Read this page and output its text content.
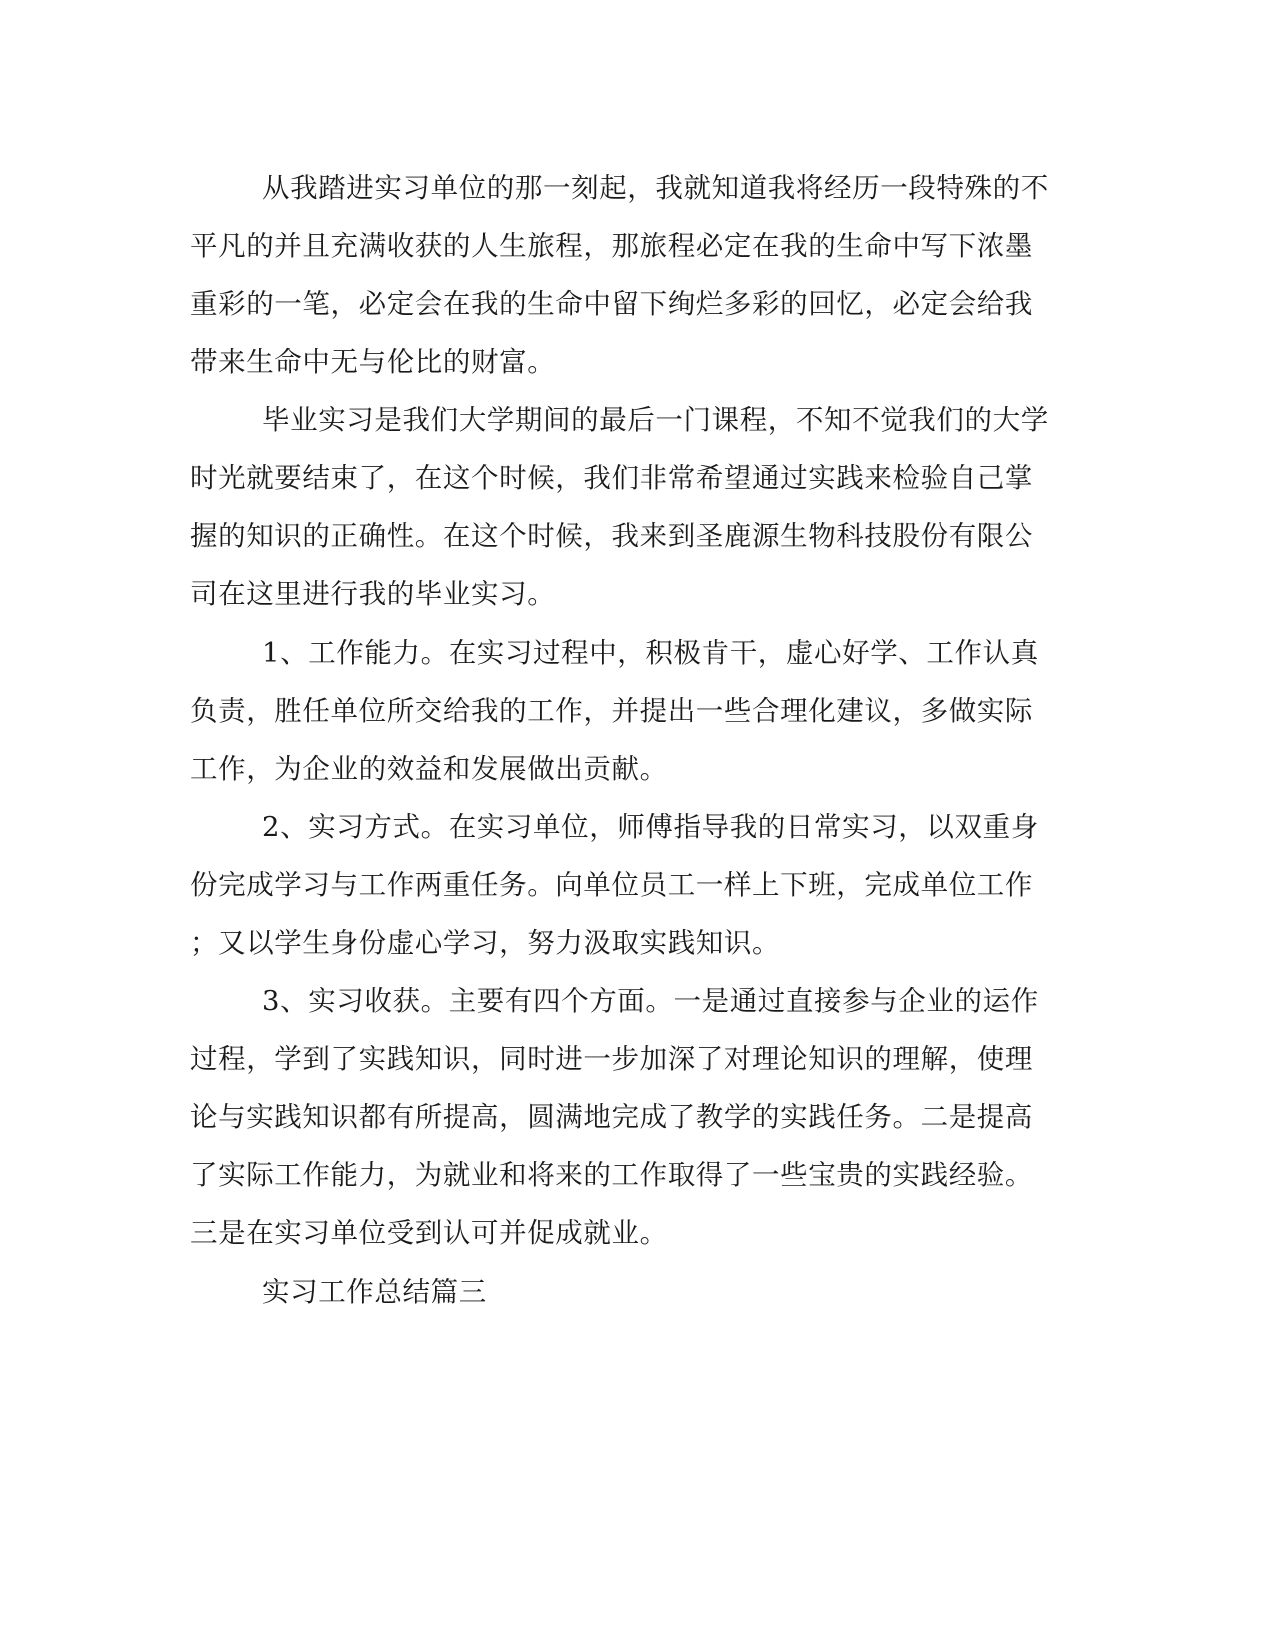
从我踏进实习单位的那一刻起，我就知道我将经历一段特殊的不

平凡的并且充满收获的人生旅程，那旅程必定在我的生命中写下浓墨

重彩的一笔，必定会在我的生命中留下绚烂多彩的回忆，必定会给我

带来生命中无与伦比的财富。

毕业实习是我们大学期间的最后一门课程，不知不觉我们的大学

时光就要结束了，在这个时候，我们非常希望通过实践来检验自己掌

握的知识的正确性。在这个时候，我来到圣鹿源生物科技股份有限公

司在这里进行我的毕业实习。

1、工作能力。在实习过程中，积极肯干，虚心好学、工作认真

负责，胜任单位所交给我的工作，并提出一些合理化建议，多做实际

工作，为企业的效益和发展做出贡献。

2、实习方式。在实习单位，师傅指导我的日常实习，以双重身

份完成学习与工作两重任务。向单位员工一样上下班，完成单位工作

；又以学生身份虚心学习，努力汲取实践知识。

3、实习收获。主要有四个方面。一是通过直接参与企业的运作

过程，学到了实践知识，同时进一步加深了对理论知识的理解，使理

论与实践知识都有所提高，圆满地完成了教学的实践任务。二是提高

了实际工作能力，为就业和将来的工作取得了一些宝贵的实践经验。

三是在实习单位受到认可并促成就业。

实习工作总结篇三
